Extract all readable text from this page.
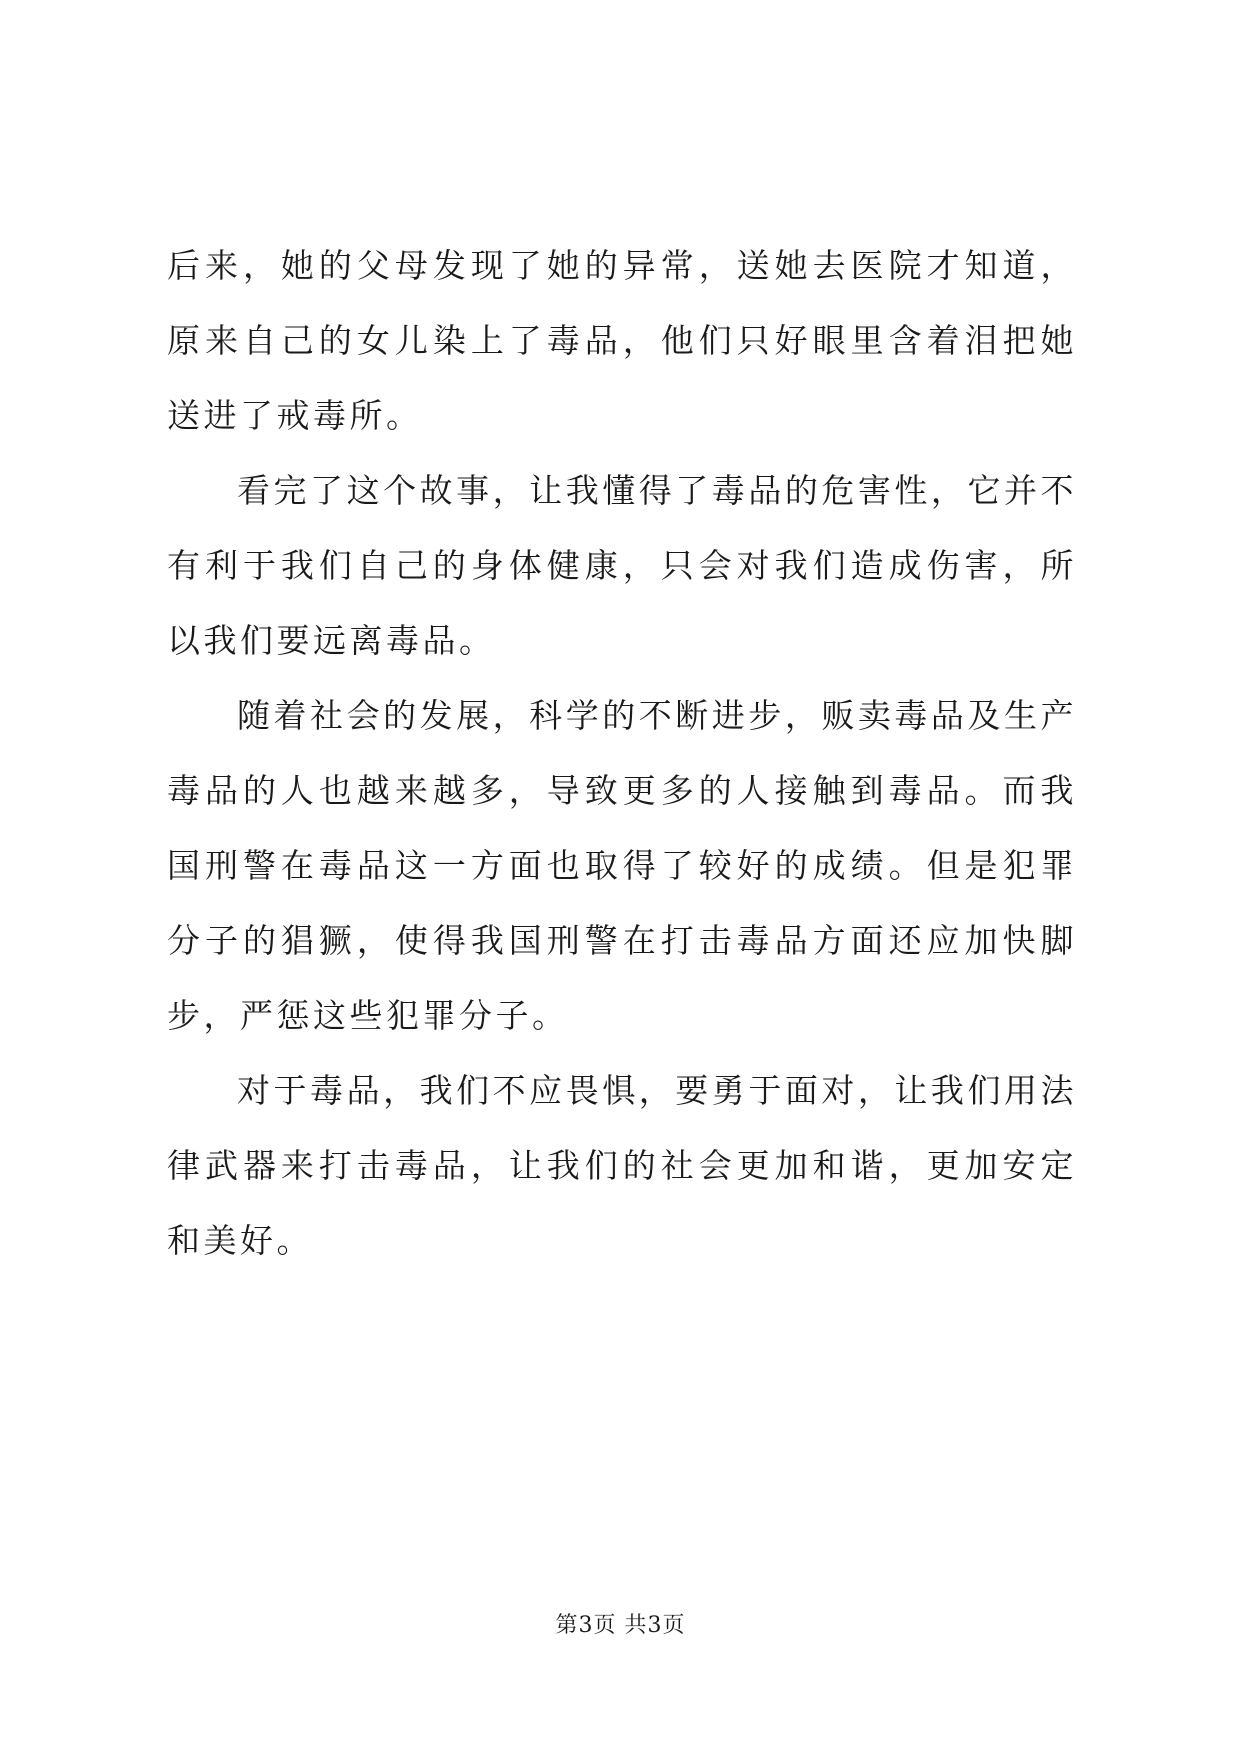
后来，她的父母发现了她的异常，送她去医院才知道，原来自己的女儿染上了毒品，他们只好眼里含着泪把她送进了戒毒所。

看完了这个故事，让我懂得了毒品的危害性，它并不有利于我们自己的身体健康，只会对我们造成伤害，所以我们要远离毒品。

随着社会的发展，科学的不断进步，贩卖毒品及生产毒品的人也越来越多，导致更多的人接触到毒品。而我国刑警在毒品这一方面也取得了较好的成绩。但是犯罪分子的猖獗，使得我国刑警在打击毒品方面还应加快脚步，严惩这些犯罪分子。

对于毒品，我们不应畏惧，要勇于面对，让我们用法律武器来打击毒品，让我们的社会更加和谐，更加安定和美好。

第3页 共3页
